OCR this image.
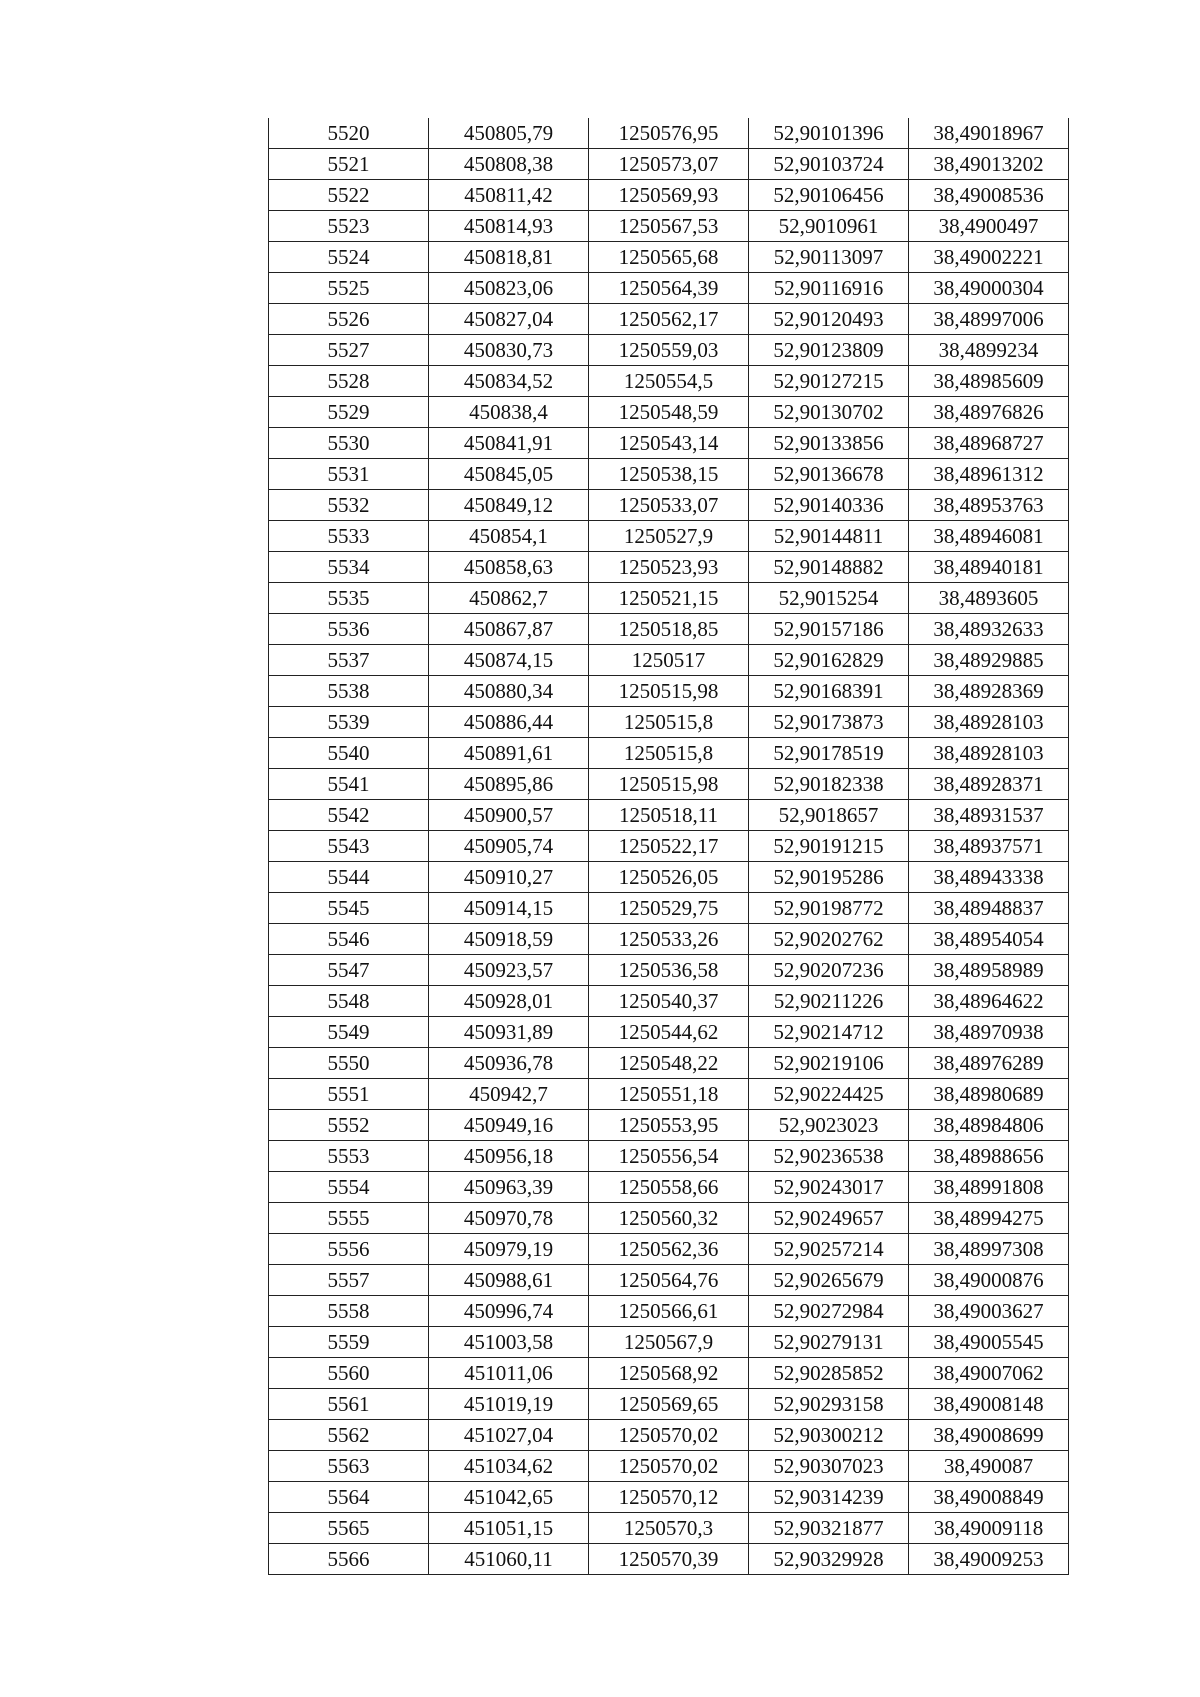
5520	450805,79	1250576,95	52,90101396	38,49018967
5521	450808,38	1250573,07	52,90103724	38,49013202
5522	450811,42	1250569,93	52,90106456	38,49008536
5523	450814,93	1250567,53	52,9010961	38,4900497
5524	450818,81	1250565,68	52,90113097	38,49002221
5525	450823,06	1250564,39	52,90116916	38,49000304
5526	450827,04	1250562,17	52,90120493	38,48997006
5527	450830,73	1250559,03	52,90123809	38,4899234
5528	450834,52	1250554,5	52,90127215	38,48985609
5529	450838,4	1250548,59	52,90130702	38,48976826
5530	450841,91	1250543,14	52,90133856	38,48968727
5531	450845,05	1250538,15	52,90136678	38,48961312
5532	450849,12	1250533,07	52,90140336	38,48953763
5533	450854,1	1250527,9	52,90144811	38,48946081
5534	450858,63	1250523,93	52,90148882	38,48940181
5535	450862,7	1250521,15	52,9015254	38,4893605
5536	450867,87	1250518,85	52,90157186	38,48932633
5537	450874,15	1250517	52,90162829	38,48929885
5538	450880,34	1250515,98	52,90168391	38,48928369
5539	450886,44	1250515,8	52,90173873	38,48928103
5540	450891,61	1250515,8	52,90178519	38,48928103
5541	450895,86	1250515,98	52,90182338	38,48928371
5542	450900,57	1250518,11	52,9018657	38,48931537
5543	450905,74	1250522,17	52,90191215	38,48937571
5544	450910,27	1250526,05	52,90195286	38,48943338
5545	450914,15	1250529,75	52,90198772	38,48948837
5546	450918,59	1250533,26	52,90202762	38,48954054
5547	450923,57	1250536,58	52,90207236	38,48958989
5548	450928,01	1250540,37	52,90211226	38,48964622
5549	450931,89	1250544,62	52,90214712	38,48970938
5550	450936,78	1250548,22	52,90219106	38,48976289
5551	450942,7	1250551,18	52,90224425	38,48980689
5552	450949,16	1250553,95	52,9023023	38,48984806
5553	450956,18	1250556,54	52,90236538	38,48988656
5554	450963,39	1250558,66	52,90243017	38,48991808
5555	450970,78	1250560,32	52,90249657	38,48994275
5556	450979,19	1250562,36	52,90257214	38,48997308
5557	450988,61	1250564,76	52,90265679	38,49000876
5558	450996,74	1250566,61	52,90272984	38,49003627
5559	451003,58	1250567,9	52,90279131	38,49005545
5560	451011,06	1250568,92	52,90285852	38,49007062
5561	451019,19	1250569,65	52,90293158	38,49008148
5562	451027,04	1250570,02	52,90300212	38,49008699
5563	451034,62	1250570,02	52,90307023	38,490087
5564	451042,65	1250570,12	52,90314239	38,49008849
5565	451051,15	1250570,3	52,90321877	38,49009118
5566	451060,11	1250570,39	52,90329928	38,49009253
